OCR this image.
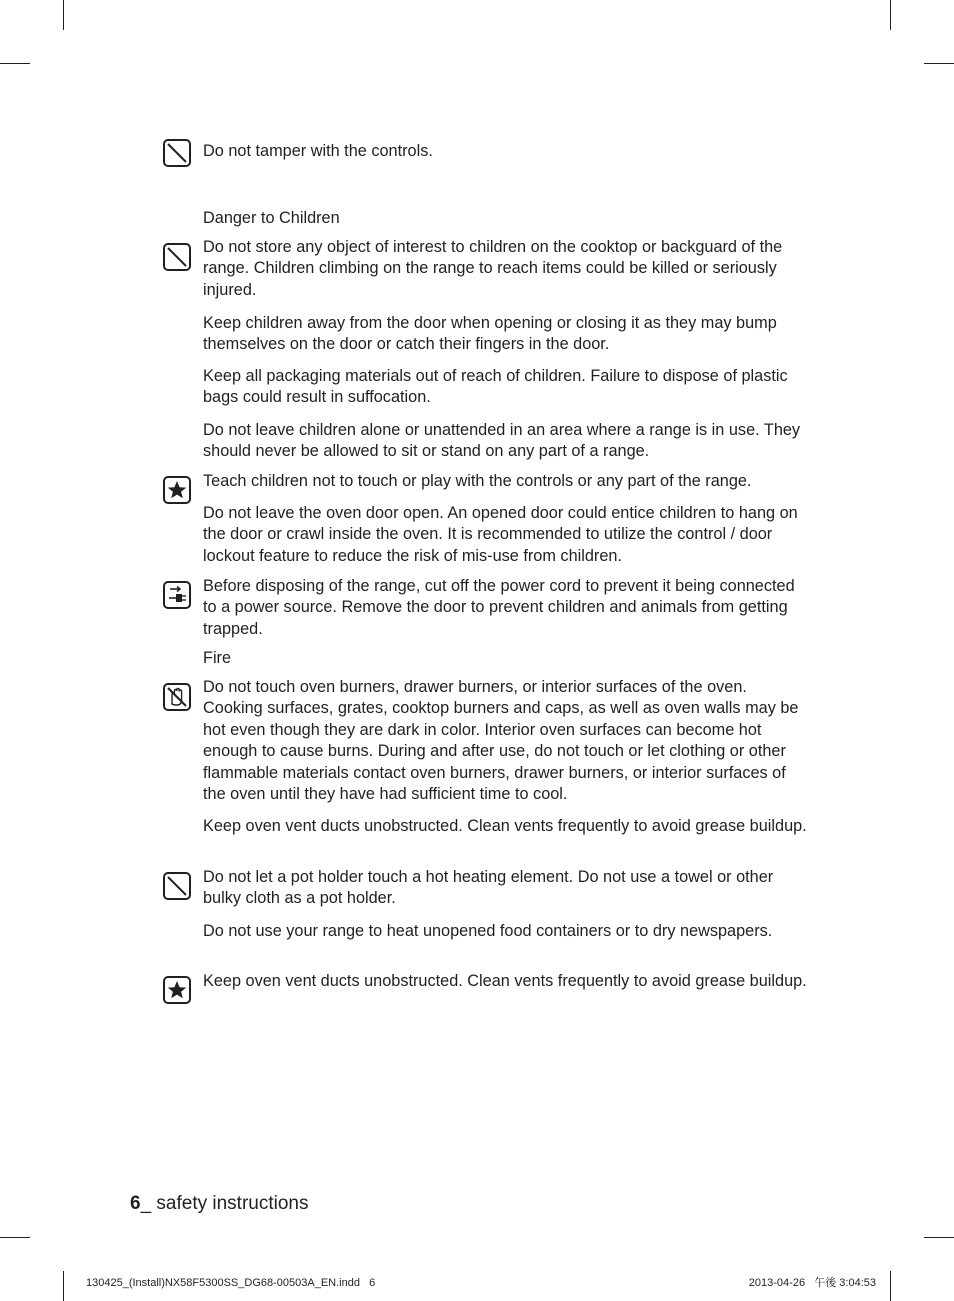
Do not tamper with the controls.

Danger to Children

Do not store any object of interest to children on the cooktop or backguard of the range. Children climbing on the range to reach items could be killed or seriously injured.

Keep children away from the door when opening or closing it as they may bump themselves on the door or catch their fingers in the door.

Keep all packaging materials out of reach of children. Failure to dispose of plastic bags could result in suffocation.

Do not leave children alone or unattended in an area where a range is in use. They should never be allowed to sit or stand on any part of a range.

Teach children not to touch or play with the controls or any part of the range.

Do not leave the oven door open. An opened door could entice children to hang on the door or crawl inside the oven. It is recommended to utilize the control / door lockout feature to reduce the risk of mis-use from children.

Before disposing of the range, cut off the power cord to prevent it being connected to a power source. Remove the door to prevent children and animals from getting trapped.

Fire

Do not touch oven burners, drawer burners, or interior surfaces of the oven. Cooking surfaces, grates, cooktop burners and caps, as well as oven walls may be hot even though they are dark in color. Interior oven surfaces can become hot enough to cause burns. During and after use, do not touch or let clothing or other flammable materials contact oven burners, drawer burners, or interior surfaces of the oven until they have had sufficient time to cool.

Keep oven vent ducts unobstructed. Clean vents frequently to avoid grease buildup.

Do not let a pot holder touch a hot heating element. Do not use a towel or other bulky cloth as a pot holder.

Do not use your range to heat unopened food containers or to dry newspapers.

Keep oven vent ducts unobstructed. Clean vents frequently to avoid grease buildup.

6_ safety instructions
130425_(Install)NX58F5300SS_DG68-00503A_EN.indd   6	2013-04-26   午後 3:04:53
